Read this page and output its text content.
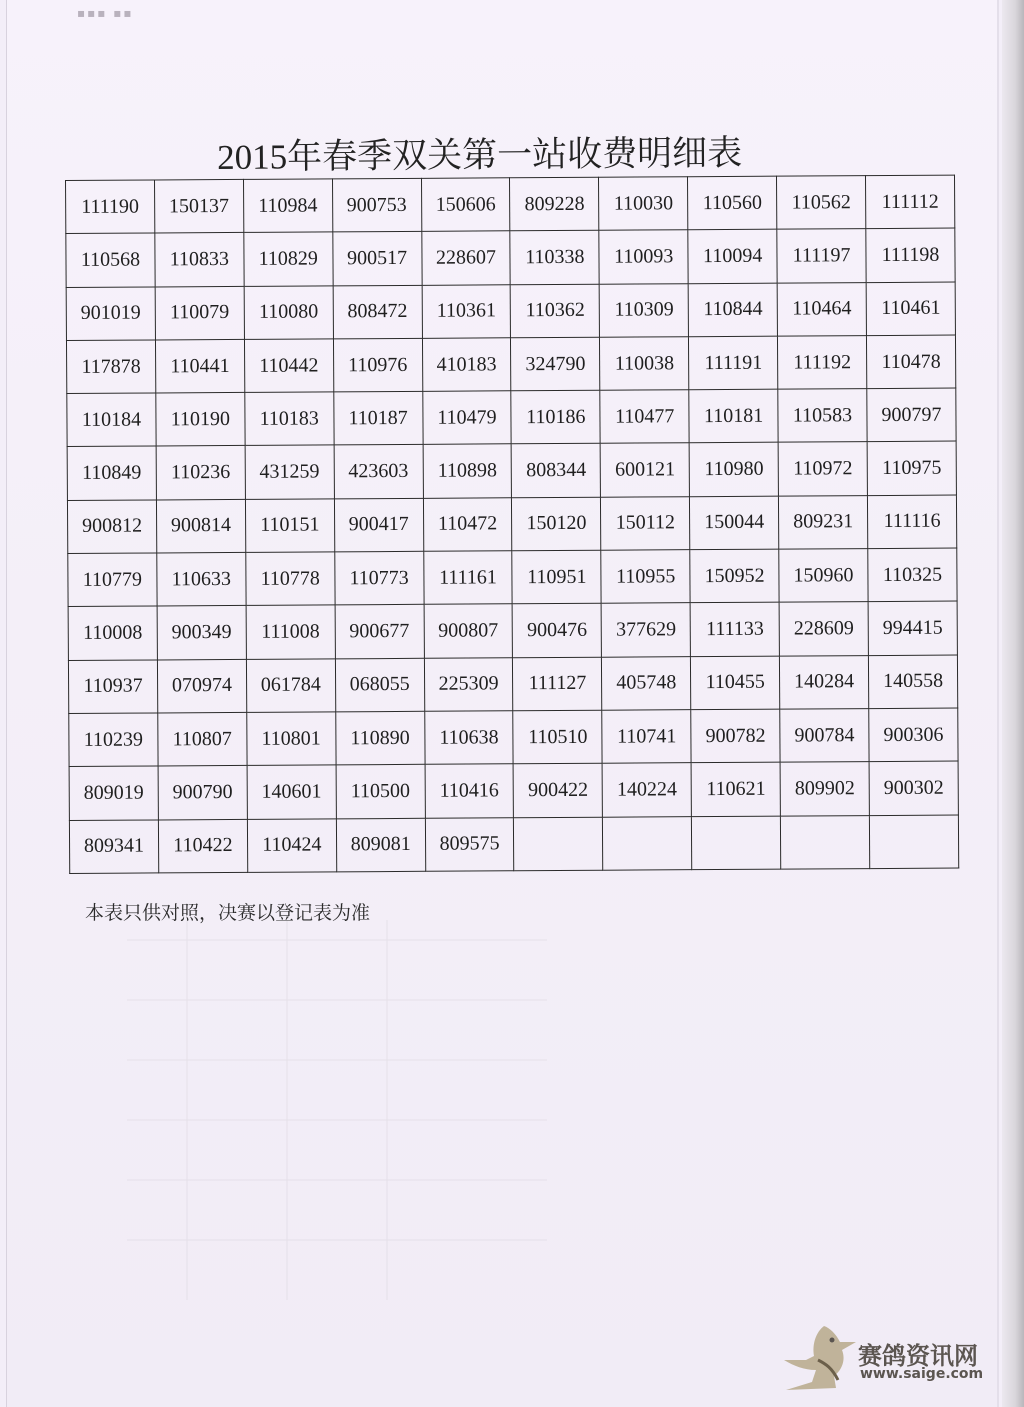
▪▪▪ ▪▪
2015年春季双关第一站收费明细表
111190	150137	110984	900753	150606	809228	110030	110560	110562	111112
110568	110833	110829	900517	228607	110338	110093	110094	111197	111198
901019	110079	110080	808472	110361	110362	110309	110844	110464	110461
117878	110441	110442	110976	410183	324790	110038	111191	111192	110478
110184	110190	110183	110187	110479	110186	110477	110181	110583	900797
110849	110236	431259	423603	110898	808344	600121	110980	110972	110975
900812	900814	110151	900417	110472	150120	150112	150044	809231	111116
110779	110633	110778	110773	111161	110951	110955	150952	150960	110325
110008	900349	111008	900677	900807	900476	377629	111133	228609	994415
110937	070974	061784	068055	225309	111127	405748	110455	140284	140558
110239	110807	110801	110890	110638	110510	110741	900782	900784	900306
809019	900790	140601	110500	110416	900422	140224	110621	809902	900302
809341	110422	110424	809081	809575					
本表只供对照，决赛以登记表为准
赛鸽资讯网
www.saige.com
